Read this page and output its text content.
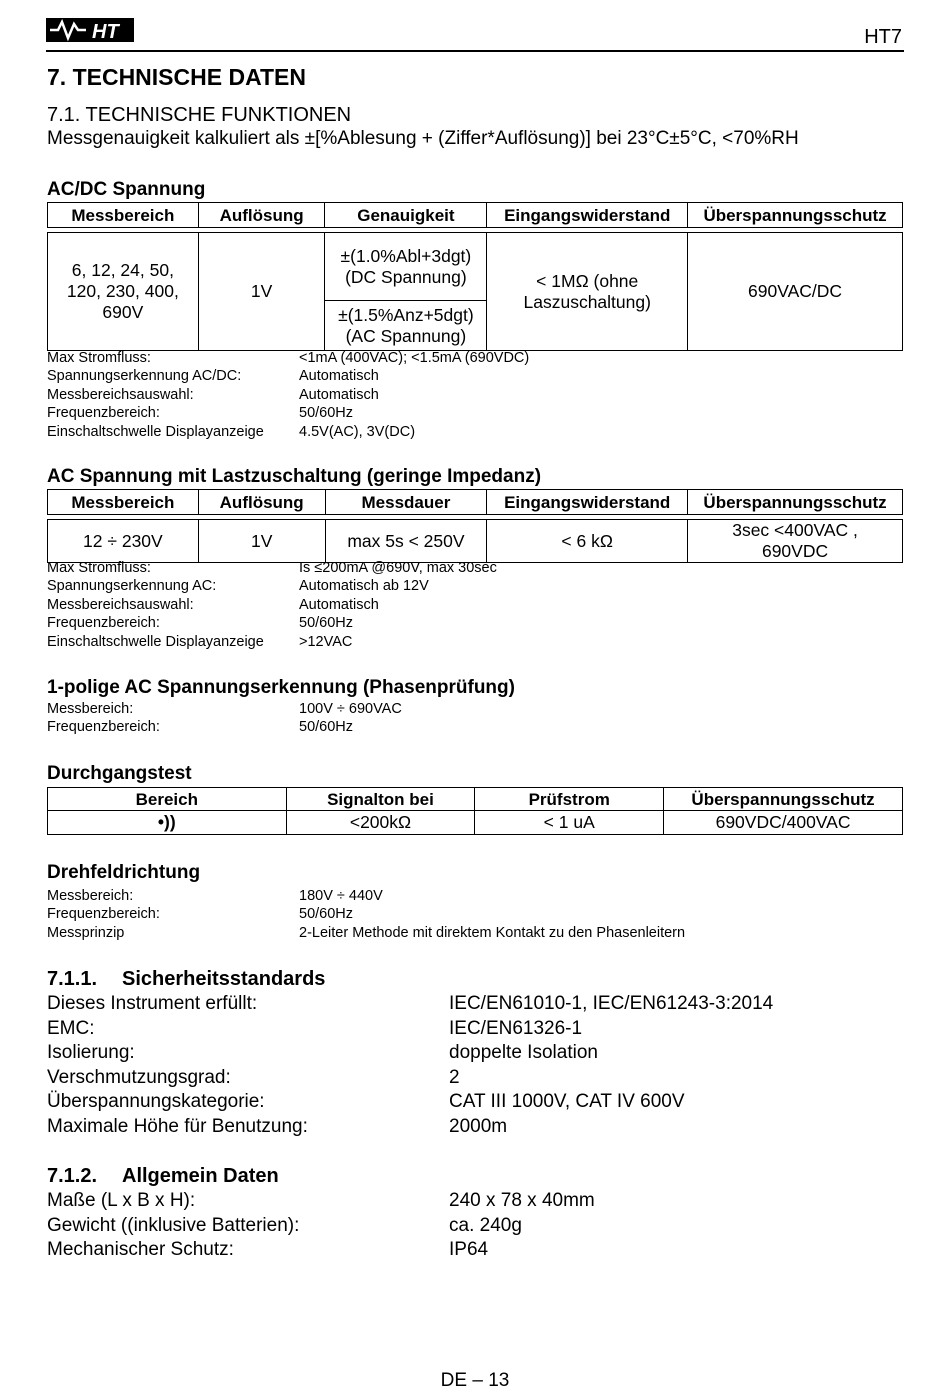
HT	HT7
7. TECHNISCHE DATEN
7.1. TECHNISCHE FUNKTIONEN
Messgenauigkeit kalkuliert als ±[%Ablesung + (Ziffer*Auflösung)] bei 23°C±5°C, <70%RH
AC/DC Spannung
Messbereich	Auflösung	Genauigkeit	Eingangswiderstand	Überspannungsschutz

6, 12, 24, 50, 120, 230, 400, 690V	1V	±(1.0%Abl+3dgt) (DC Spannung)	< 1MΩ (ohne Laszuschaltung)	690VAC/DC
		±(1.5%Anz+5dgt) (AC Spannung)		
Max Stromfluss:	<1mA (400VAC); <1.5mA (690VDC)
Spannungserkennung AC/DC:	Automatisch
Messbereichsauswahl:	Automatisch
Frequenzbereich:	50/60Hz
Einschaltschwelle Displayanzeige 4.5V(AC), 3V(DC)
AC Spannung mit Lastzuschaltung (geringe Impedanz)
Messbereich	Auflösung	Messdauer	Eingangswiderstand	Überspannungsschutz

12 ÷ 230V	1V	max 5s < 250V	< 6 kΩ	3sec <400VAC , 690VDC
Max Stromfluss:	Is ≤200mA @690V, max 30sec
Spannungserkennung AC:	Automatisch ab 12V
Messbereichsauswahl:	Automatisch
Frequenzbereich:	50/60Hz
Einschaltschwelle Displayanzeige >12VAC
1-polige AC Spannungserkennung (Phasenprüfung)
Messbereich:	100V ÷ 690VAC
Frequenzbereich:	50/60Hz
Durchgangstest
Bereich	Signalton bei	Prüfstrom	Überspannungsschutz
•))	<200kΩ	< 1 uA	690VDC/400VAC
Drehfeldrichtung
Messbereich:	180V ÷ 440V
Frequenzbereich:	50/60Hz
Messprinzip	2-Leiter Methode mit direktem Kontakt zu den Phasenleitern
7.1.1. Sicherheitsstandards
Dieses Instrument erfüllt:	IEC/EN61010-1, IEC/EN61243-3:2014
EMC:	IEC/EN61326-1
Isolierung:	doppelte Isolation
Verschmutzungsgrad:	2
Überspannungskategorie:	CAT III 1000V, CAT IV 600V
Maximale Höhe für Benutzung:	2000m
7.1.2. Allgemein Daten
Maße (L x B x H):	240 x 78 x 40mm
Gewicht ((inklusive Batterien):	ca. 240g
Mechanischer Schutz:	IP64
DE – 13
